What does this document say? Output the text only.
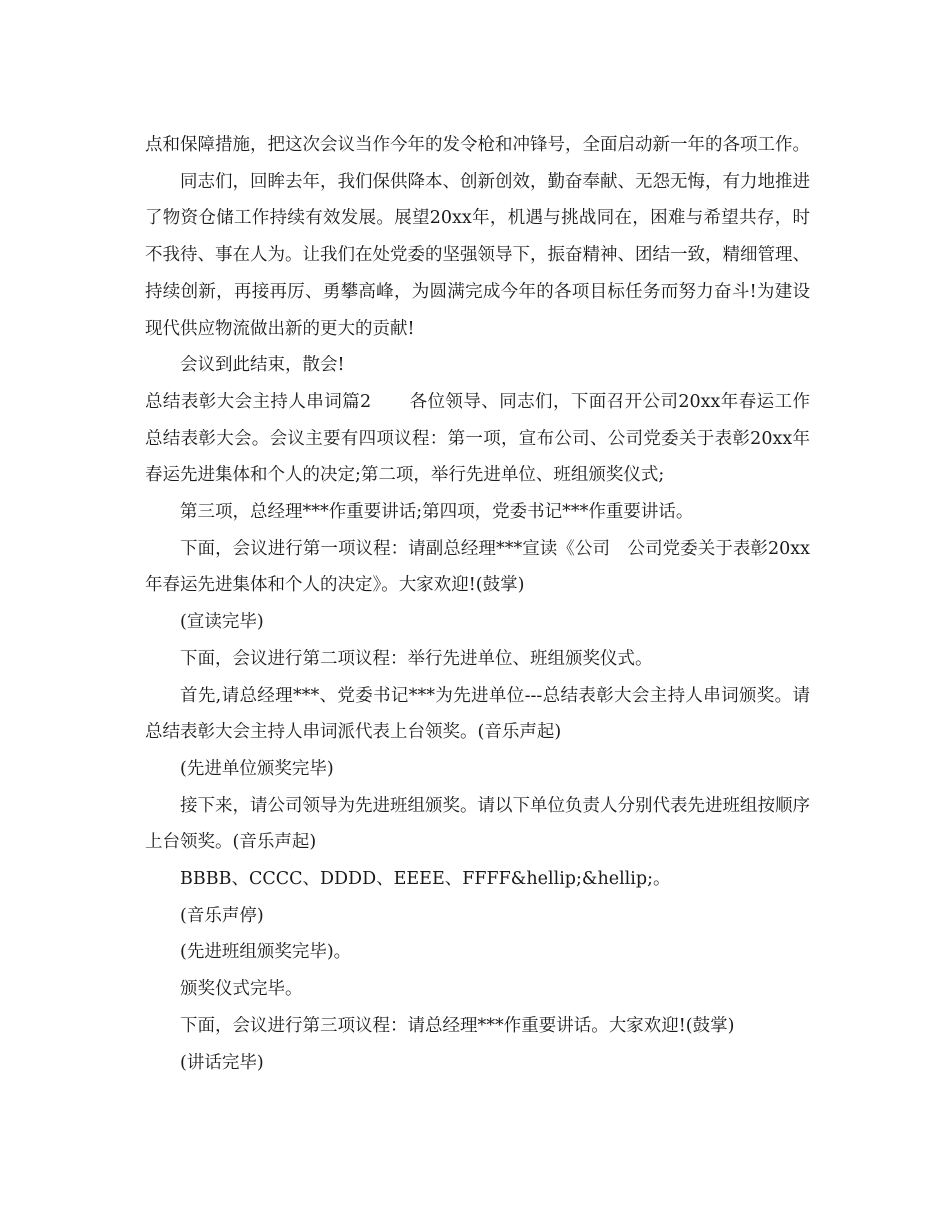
点和保障措施，把这次会议当作今年的发令枪和冲锋号，全面启动新一年的各项工作。

同志们，回眸去年，我们保供降本、创新创效，勤奋奉献、无怨无悔，有力地推进了物资仓储工作持续有效发展。展望20xx年，机遇与挑战同在，困难与希望共存，时不我待、事在人为。让我们在处党委的坚强领导下，振奋精神、团结一致，精细管理、持续创新，再接再厉、勇攀高峰，为圆满完成今年的各项目标任务而努力奋斗!为建设现代供应物流做出新的更大的贡献!

会议到此结束，散会!

总结表彰大会主持人串词篇2 各位领导、同志们，下面召开公司20xx年春运工作总结表彰大会。会议主要有四项议程：第一项，宣布公司、公司党委关于表彰20xx年春运先进集体和个人的决定;第二项，举行先进单位、班组颁奖仪式;

第三项，总经理***作重要讲话;第四项，党委书记***作重要讲话。

下面，会议进行第一项议程：请副总经理***宣读《公司　公司党委关于表彰20xx年春运先进集体和个人的决定》。大家欢迎!(鼓掌)

(宣读完毕)

下面，会议进行第二项议程：举行先进单位、班组颁奖仪式。

首先,请总经理***、党委书记***为先进单位---总结表彰大会主持人串词颁奖。请总结表彰大会主持人串词派代表上台领奖。(音乐声起)

(先进单位颁奖完毕)

接下来，请公司领导为先进班组颁奖。请以下单位负责人分别代表先进班组按顺序上台领奖。(音乐声起)

BBBB、CCCC、DDDD、EEEE、FFFF&hellip;&hellip;。

(音乐声停)

(先进班组颁奖完毕)。

颁奖仪式完毕。

下面，会议进行第三项议程：请总经理***作重要讲话。大家欢迎!(鼓掌)

(讲话完毕)
